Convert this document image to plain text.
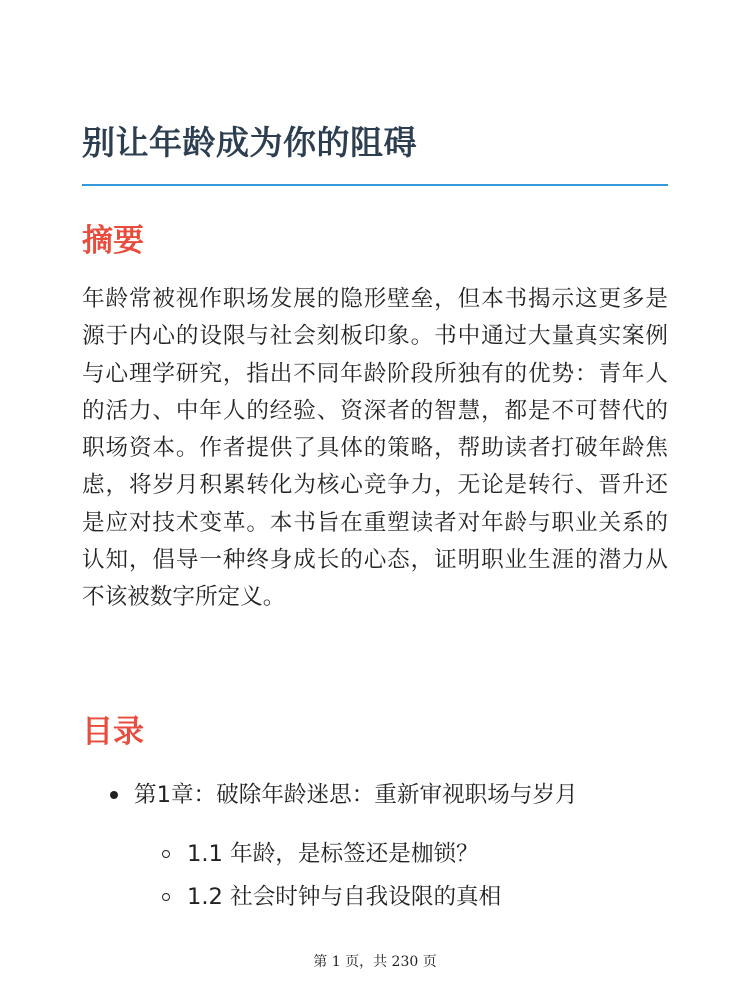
别让年龄成为你的阻碍
摘要

年龄常被视作职场发展的隐形壁垒，但本书揭示这更多是源于内心的设限与社会刻板印象。书中通过大量真实案例与心理学研究，指出不同年龄阶段所独有的优势：青年人的活力、中年人的经验、资深者的智慧，都是不可替代的职场资本。作者提供了具体的策略，帮助读者打破年龄焦虑，将岁月积累转化为核心竞争力，无论是转行、晋升还是应对技术变革。本书旨在重塑读者对年龄与职业关系的认知，倡导一种终身成长的心态，证明职业生涯的潜力从不该被数字所定义。

目录
第1章：破除年龄迷思：重新审视职场与岁月
1.1 年龄，是标签还是枷锁？
1.2 社会时钟与自我设限的真相
第 1 页，共 230 页
